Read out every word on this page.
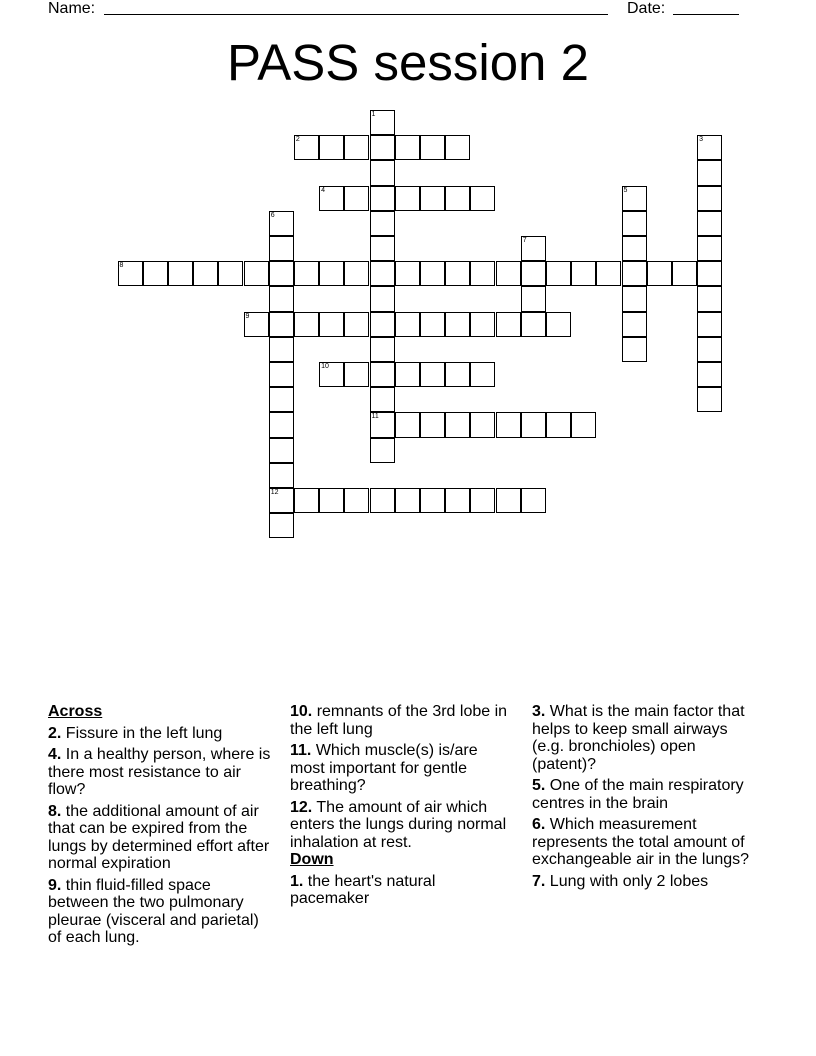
Name:	Date:
PASS session 2
1
11
2	3
4	5
6
12
7
8
9
10
Across
2. Fissure in the left lung
4. In a healthy person, where is there most resistance to air flow?
8. the additional amount of air that can be expired from the lungs by determined effort after normal expiration
9. thin fluid-filled space between the two pulmonary pleurae (visceral and parietal) of each lung.
10. remnants of the 3rd lobe in the left lung
11. Which muscle(s) is/are most important for gentle breathing?
12. The amount of air which enters the lungs during normal inhalation at rest.
Down
1. the heart's natural pacemaker
3. What is the main factor that helps to keep small airways (e.g. bronchioles) open (patent)?
5. One of the main respiratory centres in the brain
6. Which measurement represents the total amount of exchangeable air in the lungs?
7. Lung with only 2 lobes
